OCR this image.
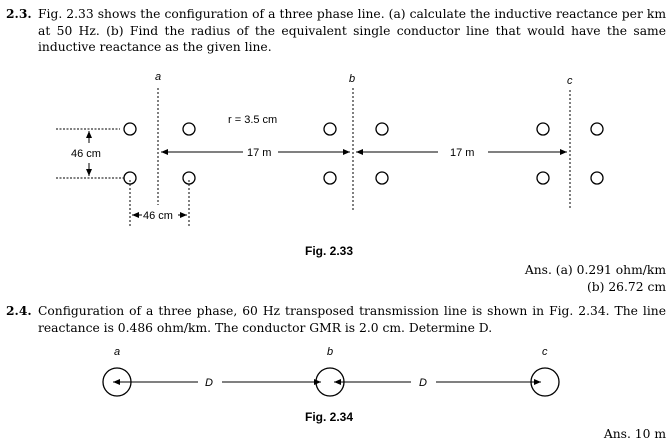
2.3. Fig. 2.33 shows the configuration of a three phase line. (a) calculate the inductive reactance per km at 50 Hz. (b) Find the radius of the equivalent single conductor line that would have the same inductive reactance as the given line.
a	b	c
r = 3.5 cm
46 cm
46 cm
17 m	17 m
a	b	c
D	D
Fig. 2.33
Ans. (a) 0.291 ohm/km
(b) 26.72 cm
2.4. Configuration of a three phase, 60 Hz transposed transmission line is shown in Fig. 2.34. The line reactance is 0.486 ohm/km. The conductor GMR is 2.0 cm. Determine D.
Fig. 2.34
Ans. 10 m
